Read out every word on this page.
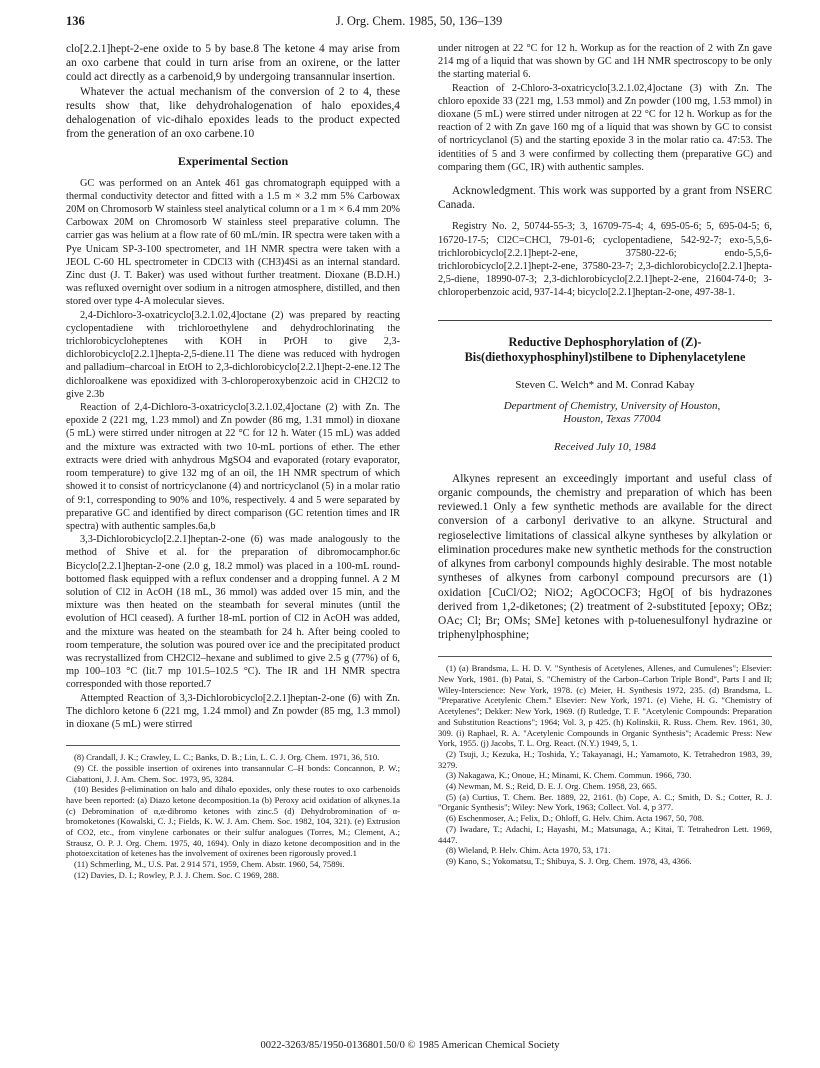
136	J. Org. Chem. 1985, 50, 136–139

clo[2.2.1]hept-2-ene oxide to 5 by base.8 The ketone 4 may arise from an oxo carbene that could in turn arise from an oxirene, or the latter could act directly as a carbenoid,9 by undergoing transannular insertion.

Whatever the actual mechanism of the conversion of 2 to 4, these results show that, like dehydrohalogenation of halo epoxides,4 dehalogenation of vic-dihalo epoxides leads to the product expected from the generation of an oxo carbene.10

Experimental Section

GC was performed on an Antek 461 gas chromatograph equipped with a thermal conductivity detector and fitted with a 1.5 m × 3.2 mm 5% Carbowax 20M on Chromosorb W stainless steel analytical column or a 1 m × 6.4 mm 20% Carbowax 20M on Chromosorb W stainless steel preparative column. The carrier gas was helium at a flow rate of 60 mL/min. IR spectra were taken with a Pye Unicam SP-3-100 spectrometer, and 1H NMR spectra were taken with a JEOL C-60 HL spectrometer in CDCl3 with (CH3)4Si as an internal standard. Zinc dust (J. T. Baker) was used without further treatment. Dioxane (B.D.H.) was refluxed overnight over sodium in a nitrogen atmosphere, distilled, and then stored over type 4-A molecular sieves.

2,4-Dichloro-3-oxatricyclo[3.2.1.02,4]octane (2) was prepared by reacting cyclopentadiene with trichloroethylene and dehydrochlorinating the trichlorobicycloheptenes with KOH in PrOH to give 2,3-dichlorobicyclo[2.2.1]hepta-2,5-diene.11 The diene was reduced with hydrogen and palladium–charcoal in EtOH to 2,3-dichlorobicyclo[2.2.1]hept-2-ene.12 The dichloroalkene was epoxidized with 3-chloroperoxybenzoic acid in CH2Cl2 to give 2.3b

Reaction of 2,4-Dichloro-3-oxatricyclo[3.2.1.02,4]octane (2) with Zn. The epoxide 2 (221 mg, 1.23 mmol) and Zn powder (86 mg, 1.31 mmol) in dioxane (5 mL) were stirred under nitrogen at 22 °C for 12 h. Water (15 mL) was added and the mixture was extracted with two 10-mL portions of ether. The ether extracts were dried with anhydrous MgSO4 and evaporated (rotary evaporator, room temperature) to give 132 mg of an oil, the 1H NMR spectrum of which showed it to consist of nortricyclanone (4) and nortricyclanol (5) in a molar ratio of 9:1, corresponding to 90% and 10%, respectively. 4 and 5 were separated by preparative GC and identified by direct comparison (GC retention times and IR spectra) with authentic samples.6a,b

3,3-Dichlorobicyclo[2.2.1]heptan-2-one (6) was made analogously to the method of Shive et al. for the preparation of dibromocamphor.6c Bicyclo[2.2.1]heptan-2-one (2.0 g, 18.2 mmol) was placed in a 100-mL round-bottomed flask equipped with a reflux condenser and a dropping funnel. A 2 M solution of Cl2 in AcOH (18 mL, 36 mmol) was added over 15 min, and the mixture was then heated on the steambath for several minutes (until the evolution of HCl ceased). A further 18-mL portion of Cl2 in AcOH was added, and the mixture was heated on the steambath for 24 h. After being cooled to room temperature, the solution was poured over ice and the precipitated product was recrystallized from CH2Cl2–hexane and sublimed to give 2.5 g (77%) of 6, mp 100–103 °C (lit.7 mp 101.5–102.5 °C). The IR and 1H NMR spectra corresponded with those reported.7

Attempted Reaction of 3,3-Dichlorobicyclo[2.2.1]heptan-2-one (6) with Zn. The dichloro ketone 6 (221 mg, 1.24 mmol) and Zn powder (85 mg, 1.3 mmol) in dioxane (5 mL) were stirred

(8) Crandall, J. K.; Crawley, L. C.; Banks, D. B.; Lin, L. C. J. Org. Chem. 1971, 36, 510.
(9) Cf. the possible insertion of oxirenes into transannular C–H bonds: Concannon, P. W.; Ciabattoni, J. J. Am. Chem. Soc. 1973, 95, 3284.
(10) Besides β-elimination on halo and dihalo epoxides, only these routes to oxo carbenoids have been reported: (a) Diazo ketone decomposition.1a (b) Peroxy acid oxidation of alkynes.1a (c) Debromination of α,α-dibromo ketones with zinc.5 (d) Dehydrobromination of α-bromoketones (Kowalski, C. J.; Fields, K. W. J. Am. Chem. Soc. 1982, 104, 321). (e) Extrusion of CO2, etc., from vinylene carbonates or their sulfur analogues (Torres, M.; Clement, A.; Strausz, O. P. J. Org. Chem. 1975, 40, 1694). Only in diazo ketone decomposition and in the photoexcitation of ketenes has the involvement of oxirenes been rigorously proved.1
(11) Schmerling, M., U.S. Pat. 2 914 571, 1959, Chem. Abstr. 1960, 54, 7589i.
(12) Davies, D. I.; Rowley, P. J. J. Chem. Soc. C 1969, 288.

under nitrogen at 22 °C for 12 h. Workup as for the reaction of 2 with Zn gave 214 mg of a liquid that was shown by GC and 1H NMR spectroscopy to be only the starting material 6.

Reaction of 2-Chloro-3-oxatricyclo[3.2.1.02,4]octane (3) with Zn. The chloro epoxide 33 (221 mg, 1.53 mmol) and Zn powder (100 mg, 1.53 mmol) in dioxane (5 mL) were stirred under nitrogen at 22 °C for 12 h. Workup as for the reaction of 2 with Zn gave 160 mg of a liquid that was shown by GC to consist of nortricyclanol (5) and the starting epoxide 3 in the molar ratio ca. 47:53. The identities of 5 and 3 were confirmed by collecting them (preparative GC) and comparing them (GC, IR) with authentic samples.

Acknowledgment. This work was supported by a grant from NSERC Canada.

Registry No. 2, 50744-55-3; 3, 16709-75-4; 4, 695-05-6; 5, 695-04-5; 6, 16720-17-5; Cl2C=CHCl, 79-01-6; cyclopentadiene, 542-92-7; exo-5,5,6-trichlorobicyclo[2.2.1]hept-2-ene, 37580-22-6; endo-5,5,6-trichlorobicyclo[2.2.1]hept-2-ene, 37580-23-7; 2,3-dichlorobicyclo[2.2.1]hepta-2,5-diene, 18990-07-3; 2,3-dichlorobicyclo[2.2.1]hept-2-ene, 21604-74-0; 3-chloroperbenzoic acid, 937-14-4; bicyclo[2.2.1]heptan-2-one, 497-38-1.

Reductive Dephosphorylation of (Z)-Bis(diethoxyphosphinyl)stilbene to Diphenylacetylene
Steven C. Welch* and M. Conrad Kabay

Department of Chemistry, University of Houston,

Houston, Texas 77004

Received July 10, 1984

Alkynes represent an exceedingly important and useful class of organic compounds, the chemistry and preparation of which has been reviewed.1 Only a few synthetic methods are available for the direct conversion of a carbonyl derivative to an alkyne. Structural and regioselective limitations of classical alkyne syntheses by alkylation or elimination procedures make new synthetic methods for the construction of alkynes from carbonyl compounds highly desirable. The most notable syntheses of alkynes from carbonyl compound precursors are (1) oxidation [CuCl/O2; NiO2; AgOCOCF3; HgO[ of bis hydrazones derived from 1,2-diketones; (2) treatment of 2-substituted [epoxy; OBz; OAc; Cl; Br; OMs; SMe] ketones with p-toluenesulfonyl hydrazine or triphenylphosphine;

(1) (a) Brandsma, L. H. D. V. "Synthesis of Acetylenes, Allenes, and Cumulenes"; Elsevier: New York, 1981. (b) Patai, S. "Chemistry of the Carbon–Carbon Triple Bond", Parts I and II; Wiley-Interscience: New York, 1978. (c) Meier, H. Synthesis 1972, 235. (d) Brandsma, L. "Preparative Acetylenic Chem." Elsevier: New York, 1971. (e) Viehe, H. G. "Chemistry of Acetylenes"; Dekker: New York, 1969. (f) Rutledge, T. F. "Acetylenic Compounds: Preparation and Substitution Reactions"; 1964; Vol. 3, p 425. (h) Kolinskii, R. Russ. Chem. Rev. 1961, 30, 309. (i) Raphael, R. A. "Acetylenic Compounds in Organic Synthesis"; Academic Press: New York, 1955. (j) Jacobs, T. L. Org. React. (N.Y.) 1949, 5, 1.
(2) Tsuji, J.; Kezuka, H.; Toshida, Y.; Takayanagi, H.; Yamamoto, K. Tetrahedron 1983, 39, 3279.
(3) Nakagawa, K.; Onoue, H.; Minami, K. Chem. Commun. 1966, 730.
(4) Newman, M. S.; Reid, D. E. J. Org. Chem. 1958, 23, 665.
(5) (a) Curtius, T. Chem. Ber. 1889, 22, 2161. (b) Cope, A. C.; Smith, D. S.; Cotter, R. J. "Organic Synthesis"; Wiley: New York, 1963; Collect. Vol. 4, p 377.
(6) Eschenmoser, A.; Felix, D.; Ohloff, G. Helv. Chim. Acta 1967, 50, 708.
(7) Iwadare, T.; Adachi, I.; Hayashi, M.; Matsunaga, A.; Kitai, T. Tetrahedron Lett. 1969, 4447.
(8) Wieland, P. Helv. Chim. Acta 1970, 53, 171.
(9) Kano, S.; Yokomatsu, T.; Shibuya, S. J. Org. Chem. 1978, 43, 4366.
0022-3263/85/1950-0136801.50/0 © 1985 American Chemical Society
